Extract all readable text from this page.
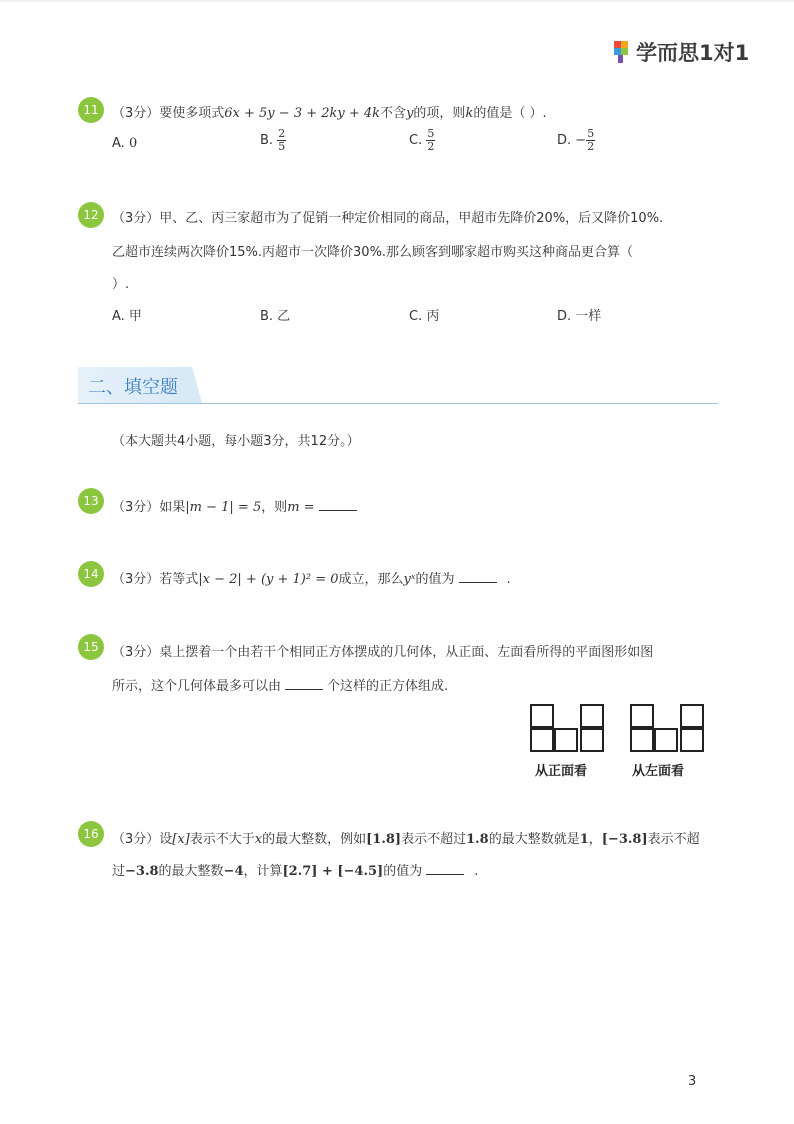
学而思1对1
11	（3分）要使多项式6x + 5y − 3 + 2ky + 4k不含y的项，则k的值是（ ）.
A. 0	B. $\frac{2}{5}$	C. $\frac{5}{2}$	D. − $\frac{5}{2}$
12	（3分）甲、乙、丙三家超市为了促销一种定价相同的商品，甲超市先降价20%，后又降价10%.
乙超市连续两次降价15%.丙超市一次降价30%.那么顾客到哪家超市购买这种商品更合算（
）.
A. 甲	B. 乙	C. 丙	D. 一样
二、填空题
（本大题共4小题，每小题3分，共12分。）
13	（3分）如果|m − 1| = 5，则m =
14	（3分）若等式|x − 2| + (y + 1)² = 0成立，那么yˣ的值为	.
15	（3分）桌上摆着一个由若干个相同正方体摆成的几何体，从正面、左面看所得的平面图形如图
所示，这个几何体最多可以由	个这样的正方体组成.
从正面看	从左面看
16	（3分）设[x]表示不大于x的最大整数，例如[1.8]表示不超过1.8的最大整数就是1，[−3.8]表示不超
过−3.8的最大整数−4，计算[2.7] + [−4.5]的值为	.
3
